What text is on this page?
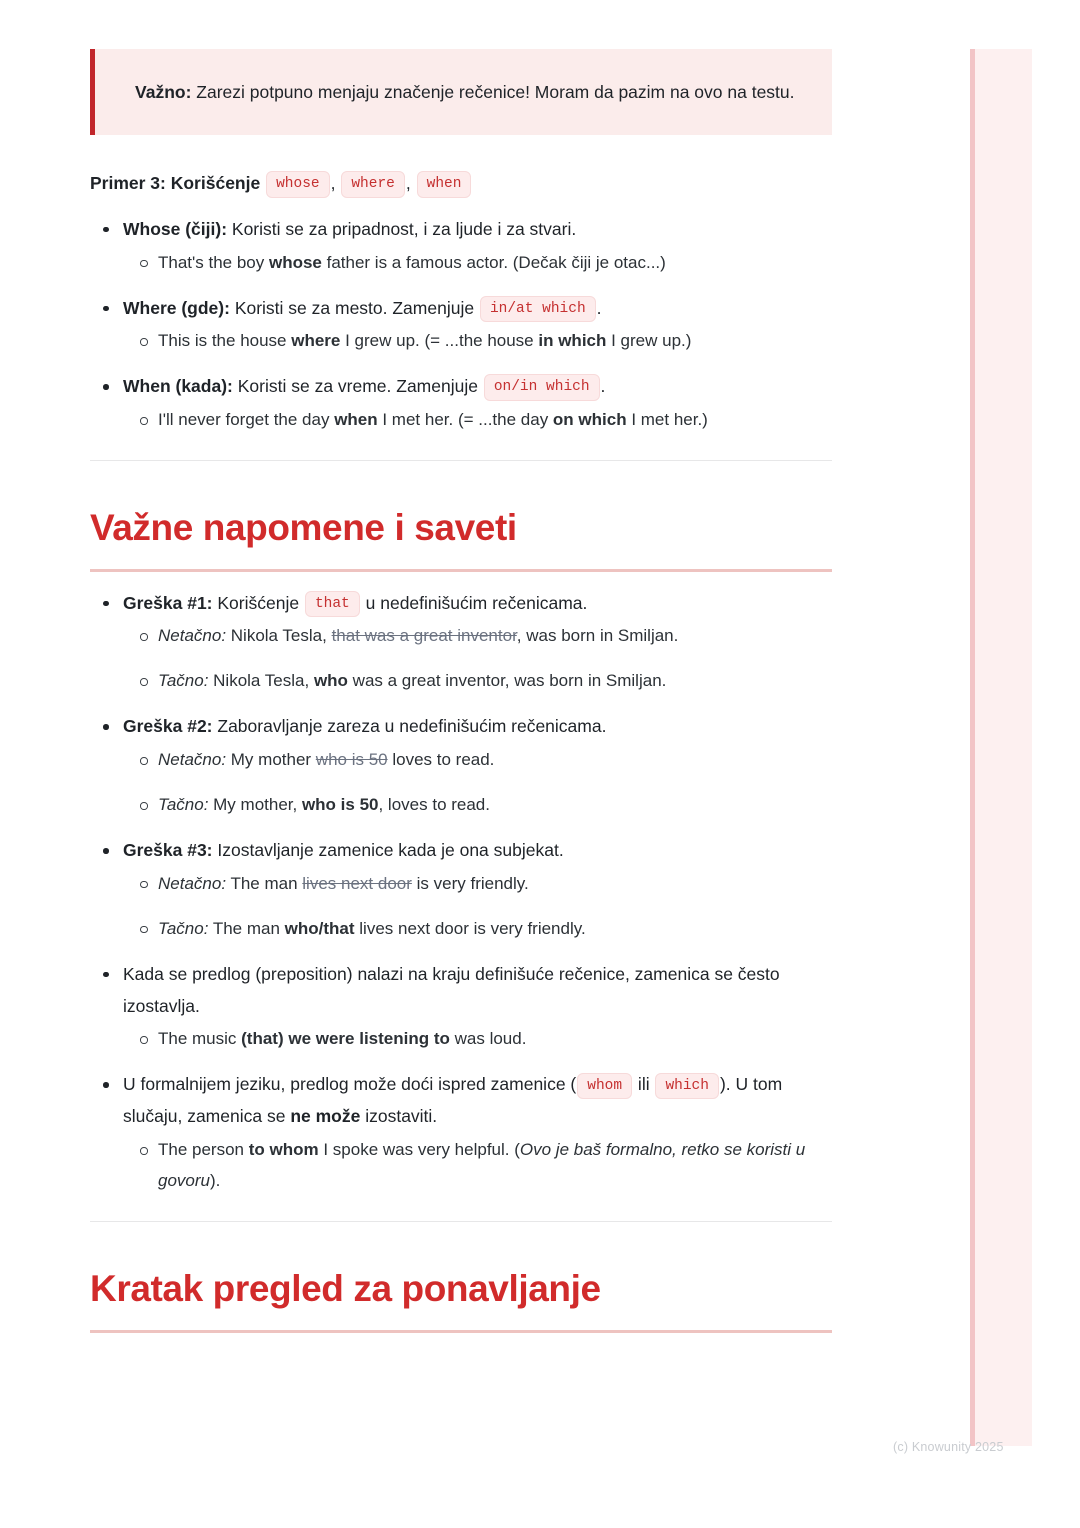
Važno: Zarezi potpuno menjaju značenje rečenice! Moram da pazim na ovo na testu.
Primer 3: Korišćenje whose , where , when
Whose (čiji): Koristi se za pripadnost, i za ljude i za stvari.
That's the boy whose father is a famous actor. (Dečak čiji je otac...)
Where (gde): Koristi se za mesto. Zamenjuje in/at which .
This is the house where I grew up. (= ...the house in which I grew up.)
When (kada): Koristi se za vreme. Zamenjuje on/in which .
I'll never forget the day when I met her. (= ...the day on which I met her.)
Važne napomene i saveti
Greška #1: Korišćenje that u nedefinišućim rečenicama.
Netačno: Nikola Tesla, that was a great inventor, was born in Smiljan.
Tačno: Nikola Tesla, who was a great inventor, was born in Smiljan.
Greška #2: Zaboravljanje zareza u nedefinišućim rečenicama.
Netačno: My mother who is 50 loves to read.
Tačno: My mother, who is 50, loves to read.
Greška #3: Izostavljanje zamenice kada je ona subjekat.
Netačno: The man lives next door is very friendly.
Tačno: The man who/that lives next door is very friendly.
Kada se predlog (preposition) nalazi na kraju definišuće rečenice, zamenica se često izostavlja.
The music (that) we were listening to was loud.
U formalnijem jeziku, predlog može doći ispred zamenice ( whom ili which ). U tom slučaju, zamenica se ne može izostaviti.
The person to whom I spoke was very helpful. (Ovo je baš formalno, retko se koristi u govoru).
Kratak pregled za ponavljanje
(c) Knowunity 2025
